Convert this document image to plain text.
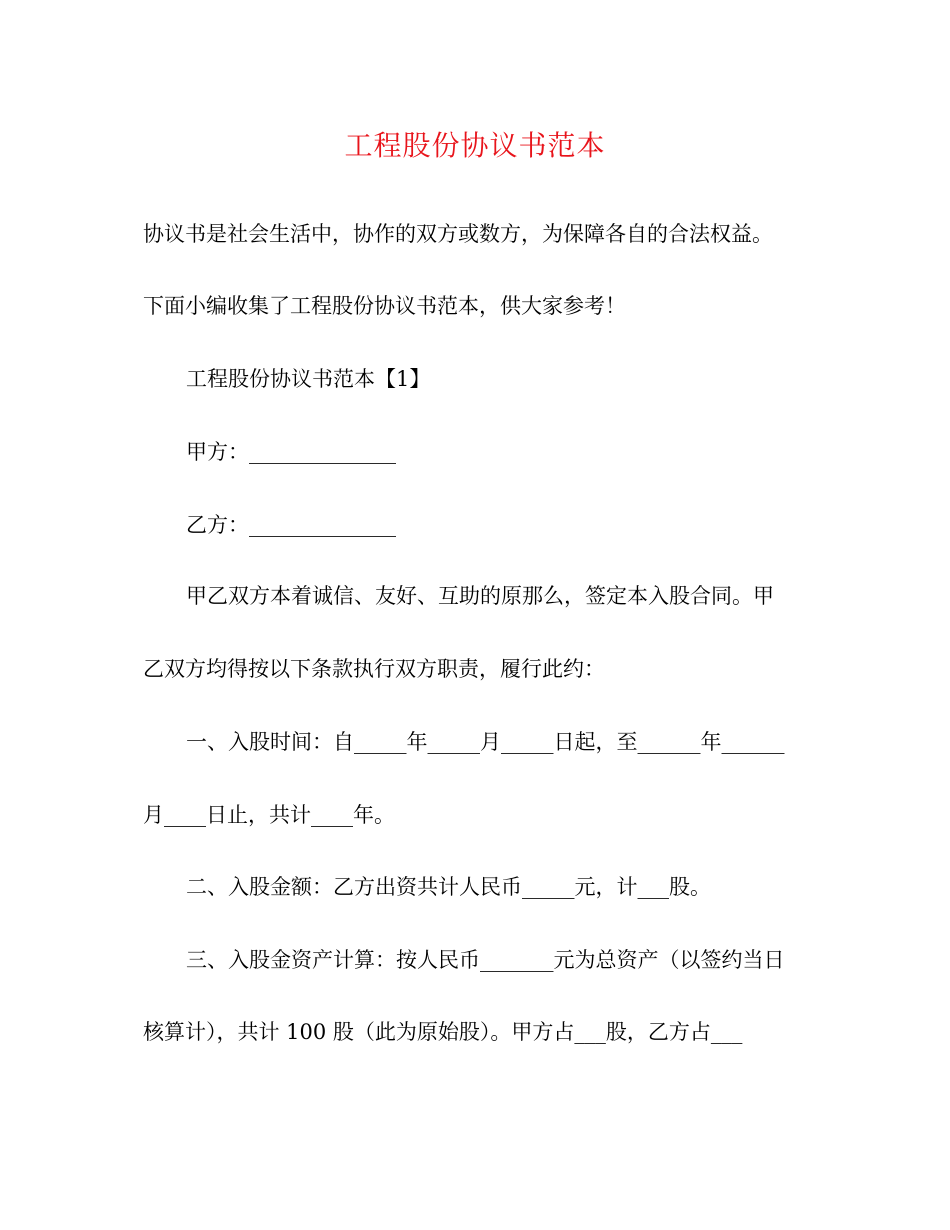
工程股份协议书范本
协议书是社会生活中，协作的双方或数方，为保障各自的合法权益。
下面小编收集了工程股份协议书范本，供大家参考！
工程股份协议书范本【1】
甲方：______________
乙方：______________
甲乙双方本着诚信、友好、互助的原那么，签定本入股合同。甲
乙双方均得按以下条款执行双方职责，履行此约：
一、入股时间：自_____年_____月_____日起，至______年______
月____日止，共计____年。
二、入股金额：乙方出资共计人民币_____元，计___股。
三、入股金资产计算：按人民币_______元为总资产（以签约当日
核算计），共计 100 股（此为原始股）。甲方占___股，乙方占___
